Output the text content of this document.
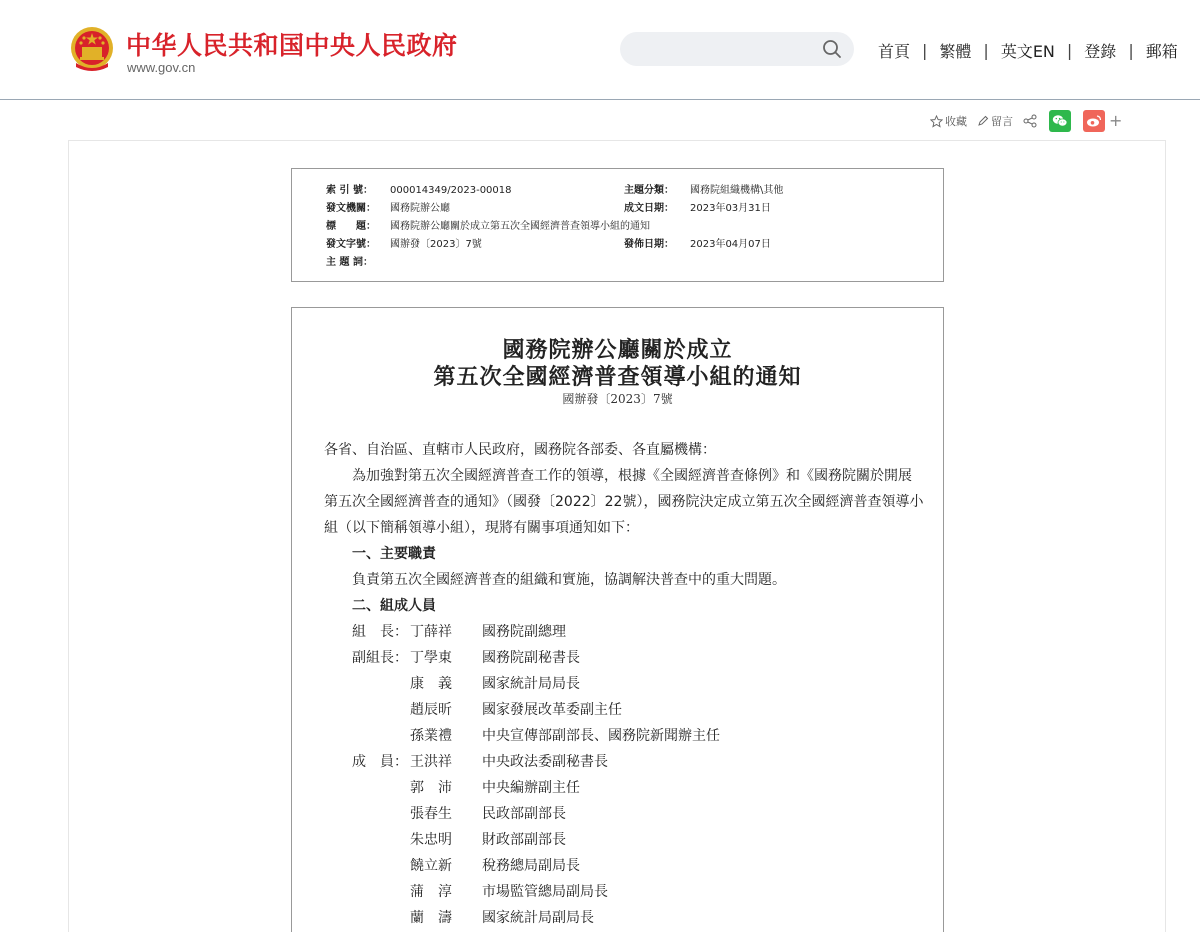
中华人民共和国中央人民政府
www.gov.cn
首頁 | 繁體 | 英文EN | 登錄 | 郵箱
收藏 留言	+
索 引 號：	000014349/2023-00018	主題分類：	國務院組織機構\其他
發文機關：	國務院辦公廳	成文日期：	2023年03月31日
標　　題：	國務院辦公廳關於成立第五次全國經濟普查領導小組的通知
發文字號：	國辦發〔2023〕7號	發佈日期：	2023年04月07日
主 題 詞：
國務院辦公廳關於成立
第五次全國經濟普查領導小組的通知
國辦發〔2023〕7號
各省、自治區、直轄市人民政府，國務院各部委、各直屬機構：
為加強對第五次全國經濟普查工作的領導，根據《全國經濟普查條例》和《國務院關於開展第五次全國經濟普查的通知》（國發〔2022〕22號），國務院決定成立第五次全國經濟普查領導小組（以下簡稱領導小組），現將有關事項通知如下：
一、主要職責
負責第五次全國經濟普查的組織和實施，協調解決普查中的重大問題。
二、組成人員
組　長： 丁薛祥	國務院副總理
副組長： 丁學東	國務院副秘書長
康　義	國家統計局局長
趙辰昕	國家發展改革委副主任
孫業禮	中央宣傳部副部長、國務院新聞辦主任
成　員： 王洪祥	中央政法委副秘書長
郭　沛	中央編辦副主任
張春生	民政部副部長
朱忠明	財政部副部長
饒立新	稅務總局副局長
蒲　淳	市場監管總局副局長
蘭　濤	國家統計局副局長
